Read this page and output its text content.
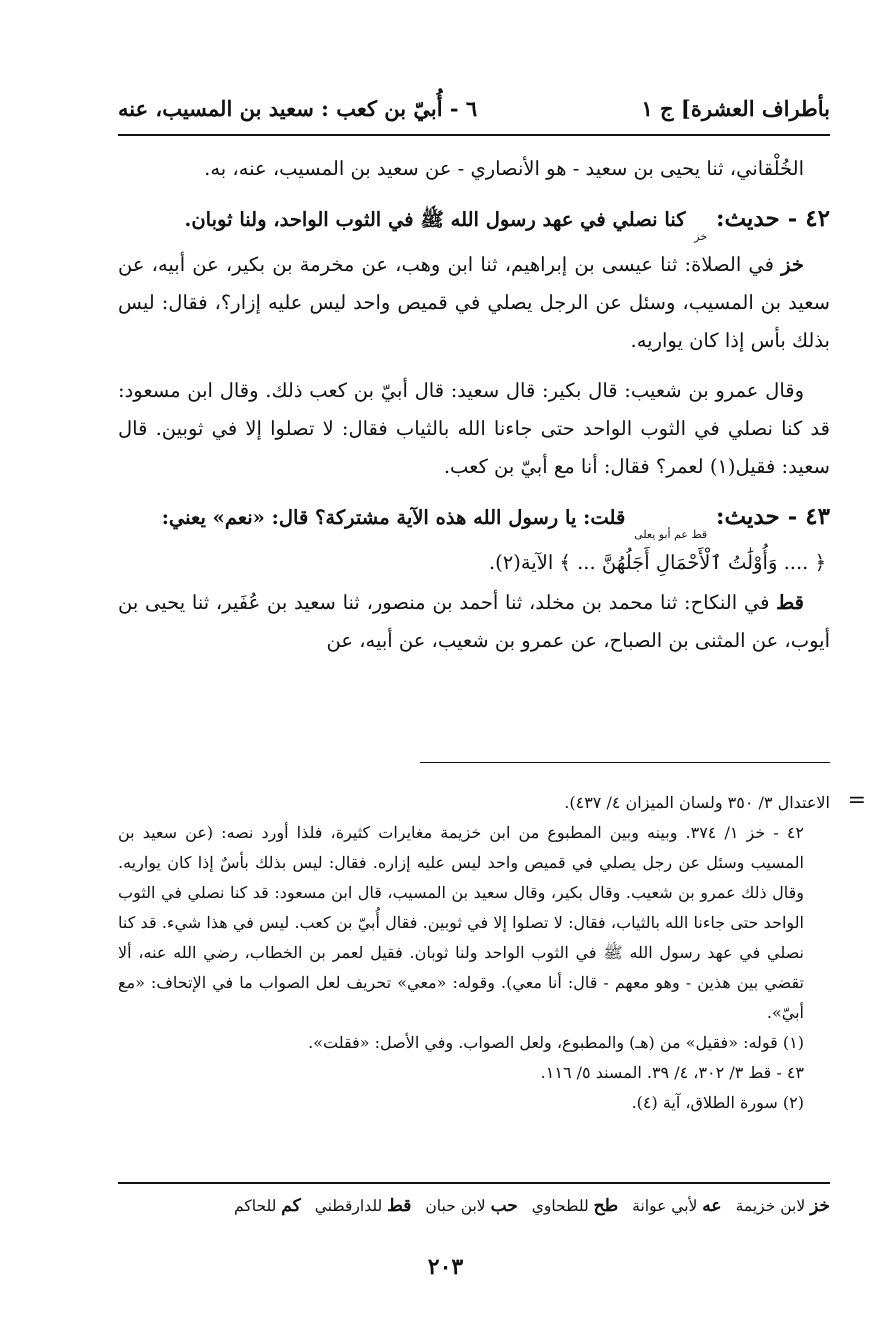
بأطراف العشرة] ج ١
٦ - أُبيّ بن كعب : سعيد بن المسيب، عنه

الخُلْقاني، ثنا يحيى بن سعيد - هو الأنصاري - عن سعيد بن المسيب، عنه، به.

٤٢ - حديث: خز كنا نصلي في عهد رسول الله ﷺ في الثوب الواحد، ولنا ثوبان.

خز في الصلاة: ثنا عيسى بن إبراهيم، ثنا ابن وهب، عن مخرمة بن بكير، عن أبيه، عن سعيد بن المسيب، وسئل عن الرجل يصلي في قميص واحد ليس عليه إزار؟، فقال: ليس بذلك بأس إذا كان يواريه.

وقال عمرو بن شعيب: قال بكير: قال سعيد: قال أبيّ بن كعب ذلك. وقال ابن مسعود: قد كنا نصلي في الثوب الواحد حتى جاءنا الله بالثياب فقال: لا تصلوا إلا في ثوبين. قال سعيد: فقيل(١) لعمر؟ فقال: أنا مع أبيّ بن كعب.

٤٣ - حديث: قط عم أبو يعلى قلت: يا رسول الله هذه الآية مشتركة؟ قال: «نعم» يعني:

﴿ .... وَأُوْلَٰتُ ٱلْأَحْمَالِ أَجَلُهُنَّ ... ﴾ الآية(٢).

قط في النكاح: ثنا محمد بن مخلد، ثنا أحمد بن منصور، ثنا سعيد بن عُفَير، ثنا يحيى بن أيوب، عن المثنى بن الصباح، عن عمرو بن شعيب، عن أبيه، عن

=

الاعتدال ٣/ ٣٥٠ ولسان الميزان ٤/ ٤٣٧).

٤٢ - خز ١/ ٣٧٤. وبينه وبين المطبوع من ابن خزيمة مغايرات كثيرة، فلذا أورد نصه: (عن سعيد بن المسيب وسئل عن رجل يصلي في قميص واحد ليس عليه إزاره. فقال: ليس بذلك بأسٌ إذا كان يواريه. وقال ذلك عمرو بن شعيب. وقال بكير، وقال سعيد بن المسيب، قال ابن مسعود: قد كنا نصلي في الثوب الواحد حتى جاءنا الله بالثياب، فقال: لا تصلوا إلا في ثوبين. فقال أُبيّ بن كعب. ليس في هذا شيء. قد كنا نصلي في عهد رسول الله ﷺ في الثوب الواحد ولنا ثوبان. فقيل لعمر بن الخطاب، رضي الله عنه، ألا تقضي بين هذين - وهو معهم - قال: أنا معي). وقوله: «معي» تحريف لعل الصواب ما في الإتحاف: «مع أبيّ».

(١) قوله: «فقيل» من (هـ) والمطبوع، ولعل الصواب. وفي الأصل: «فقلت».

٤٣ - قط ٣/ ٣٠٢، ٤/ ٣٩. المسند ٥/ ١١٦.

(٢) سورة الطلاق، آية (٤).

خز لابن خزيمة
عه لأبي عوانة
طح للطحاوي
حب لابن حبان
قط للدارقطني
كم للحاكم
٢٠٣
